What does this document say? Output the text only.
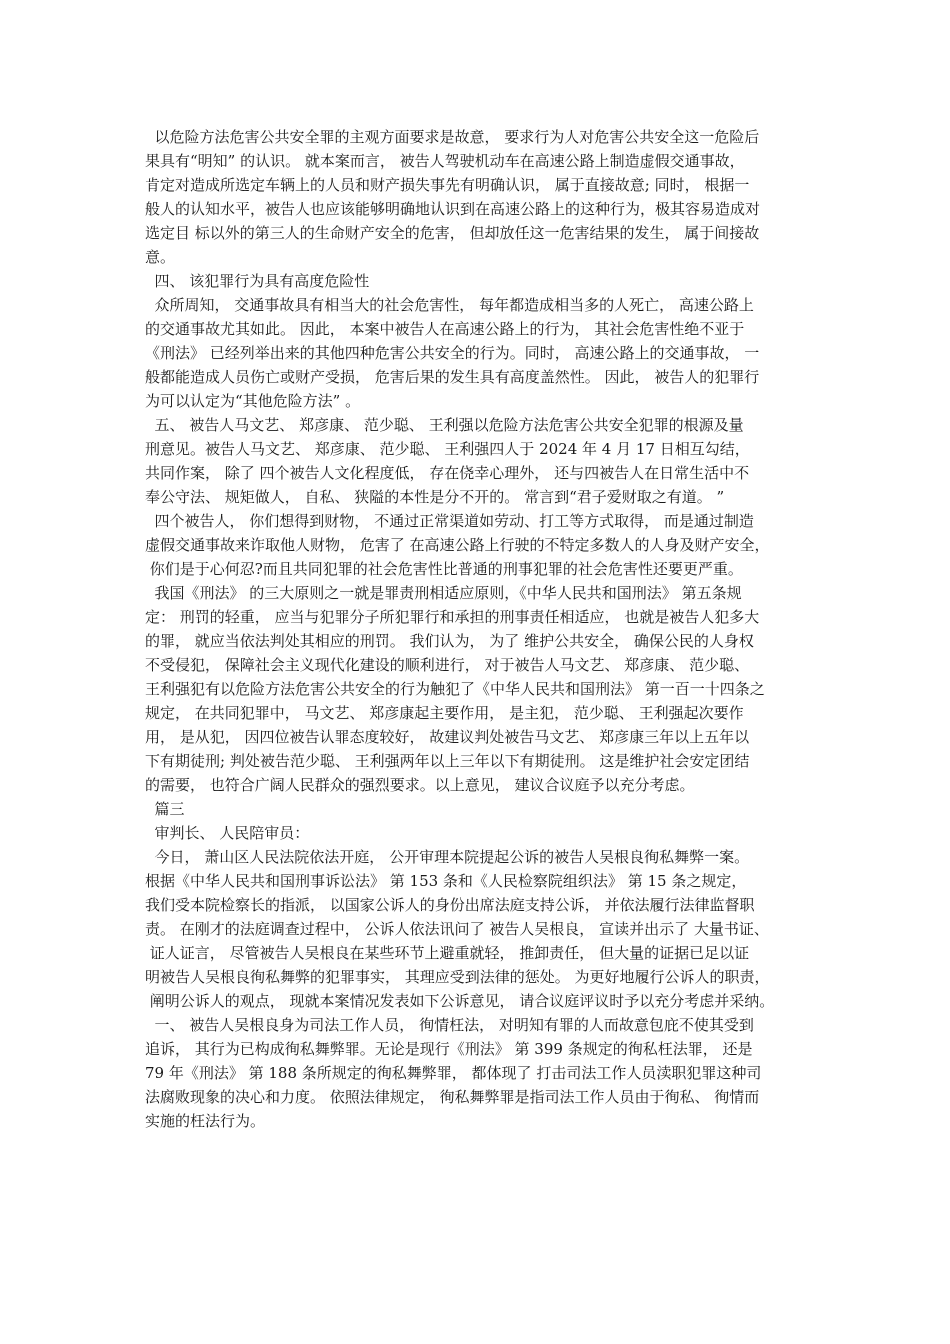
以危险方法危害公共安全罪的主观方面要求是故意， 要求行为人对危害公共安全这一危险后
果具有“明知” 的认识。 就本案而言， 被告人驾驶机动车在高速公路上制造虚假交通事故，
肯定对造成所选定车辆上的人员和财产损失事先有明确认识， 属于直接故意; 同时， 根据一
般人的认知水平，被告人也应该能够明确地认识到在高速公路上的这种行为，极其容易造成对
选定目 标以外的第三人的生命财产安全的危害， 但却放任这一危害结果的发生， 属于间接故
意。
四、 该犯罪行为具有高度危险性
众所周知， 交通事故具有相当大的社会危害性， 每年都造成相当多的人死亡， 高速公路上
的交通事故尤其如此。 因此， 本案中被告人在高速公路上的行为， 其社会危害性绝不亚于
《刑法》 已经列举出来的其他四种危害公共安全的行为。同时， 高速公路上的交通事故， 一
般都能造成人员伤亡或财产受损， 危害后果的发生具有高度盖然性。 因此， 被告人的犯罪行
为可以认定为“其他危险方法” 。
五、 被告人马文艺、 郑彦康、 范少聪、 王利强以危险方法危害公共安全犯罪的根源及量
刑意见。被告人马文艺、 郑彦康、 范少聪、 王利强四人于 2024 年 4 月 17 日相互勾结，
共同作案， 除了 四个被告人文化程度低， 存在侥幸心理外， 还与四被告人在日常生活中不
奉公守法、 规矩做人， 自私、 狭隘的本性是分不开的。 常言到“君子爱财取之有道。 ”
四个被告人， 你们想得到财物， 不通过正常渠道如劳动、打工等方式取得， 而是通过制造
虚假交通事故来诈取他人财物， 危害了 在高速公路上行驶的不特定多数人的人身及财产安全，
你们是于心何忍?而且共同犯罪的社会危害性比普通的刑事犯罪的社会危害性还要更严重。
我国《刑法》 的三大原则之一就是罪责刑相适应原则，《中华人民共和国刑法》 第五条规
定： 刑罚的轻重， 应当与犯罪分子所犯罪行和承担的刑事责任相适应， 也就是被告人犯多大
的罪， 就应当依法判处其相应的刑罚。 我们认为， 为了 维护公共安全， 确保公民的人身权
不受侵犯， 保障社会主义现代化建设的顺利进行， 对于被告人马文艺、 郑彦康、 范少聪、
王利强犯有以危险方法危害公共安全的行为触犯了《中华人民共和国刑法》 第一百一十四条之
规定， 在共同犯罪中， 马文艺、 郑彦康起主要作用， 是主犯， 范少聪、 王利强起次要作
用， 是从犯， 因四位被告认罪态度较好， 故建议判处被告马文艺、 郑彦康三年以上五年以
下有期徒刑; 判处被告范少聪、 王利强两年以上三年以下有期徒刑。 这是维护社会安定团结
的需要， 也符合广阔人民群众的强烈要求。以上意见， 建议合议庭予以充分考虑。
篇三
审判长、 人民陪审员：
今日， 萧山区人民法院依法开庭， 公开审理本院提起公诉的被告人吴根良徇私舞弊一案。
根据《中华人民共和国刑事诉讼法》 第 153 条和《人民检察院组织法》 第 15 条之规定，
我们受本院检察长的指派， 以国家公诉人的身份出席法庭支持公诉， 并依法履行法律监督职
责。 在刚才的法庭调查过程中， 公诉人依法讯问了 被告人吴根良， 宣读并出示了 大量书证、
证人证言， 尽管被告人吴根良在某些环节上避重就轻， 推卸责任， 但大量的证据已足以证
明被告人吴根良徇私舞弊的犯罪事实， 其理应受到法律的惩处。 为更好地履行公诉人的职责，
阐明公诉人的观点， 现就本案情况发表如下公诉意见， 请合议庭评议时予以充分考虑并采纳。
一、 被告人吴根良身为司法工作人员， 徇情枉法， 对明知有罪的人而故意包庇不使其受到
追诉， 其行为已构成徇私舞弊罪。无论是现行《刑法》 第 399 条规定的徇私枉法罪， 还是
79 年《刑法》 第 188 条所规定的徇私舞弊罪， 都体现了 打击司法工作人员渎职犯罪这种司
法腐败现象的决心和力度。 依照法律规定， 徇私舞弊罪是指司法工作人员由于徇私、 徇情而
实施的枉法行为。
